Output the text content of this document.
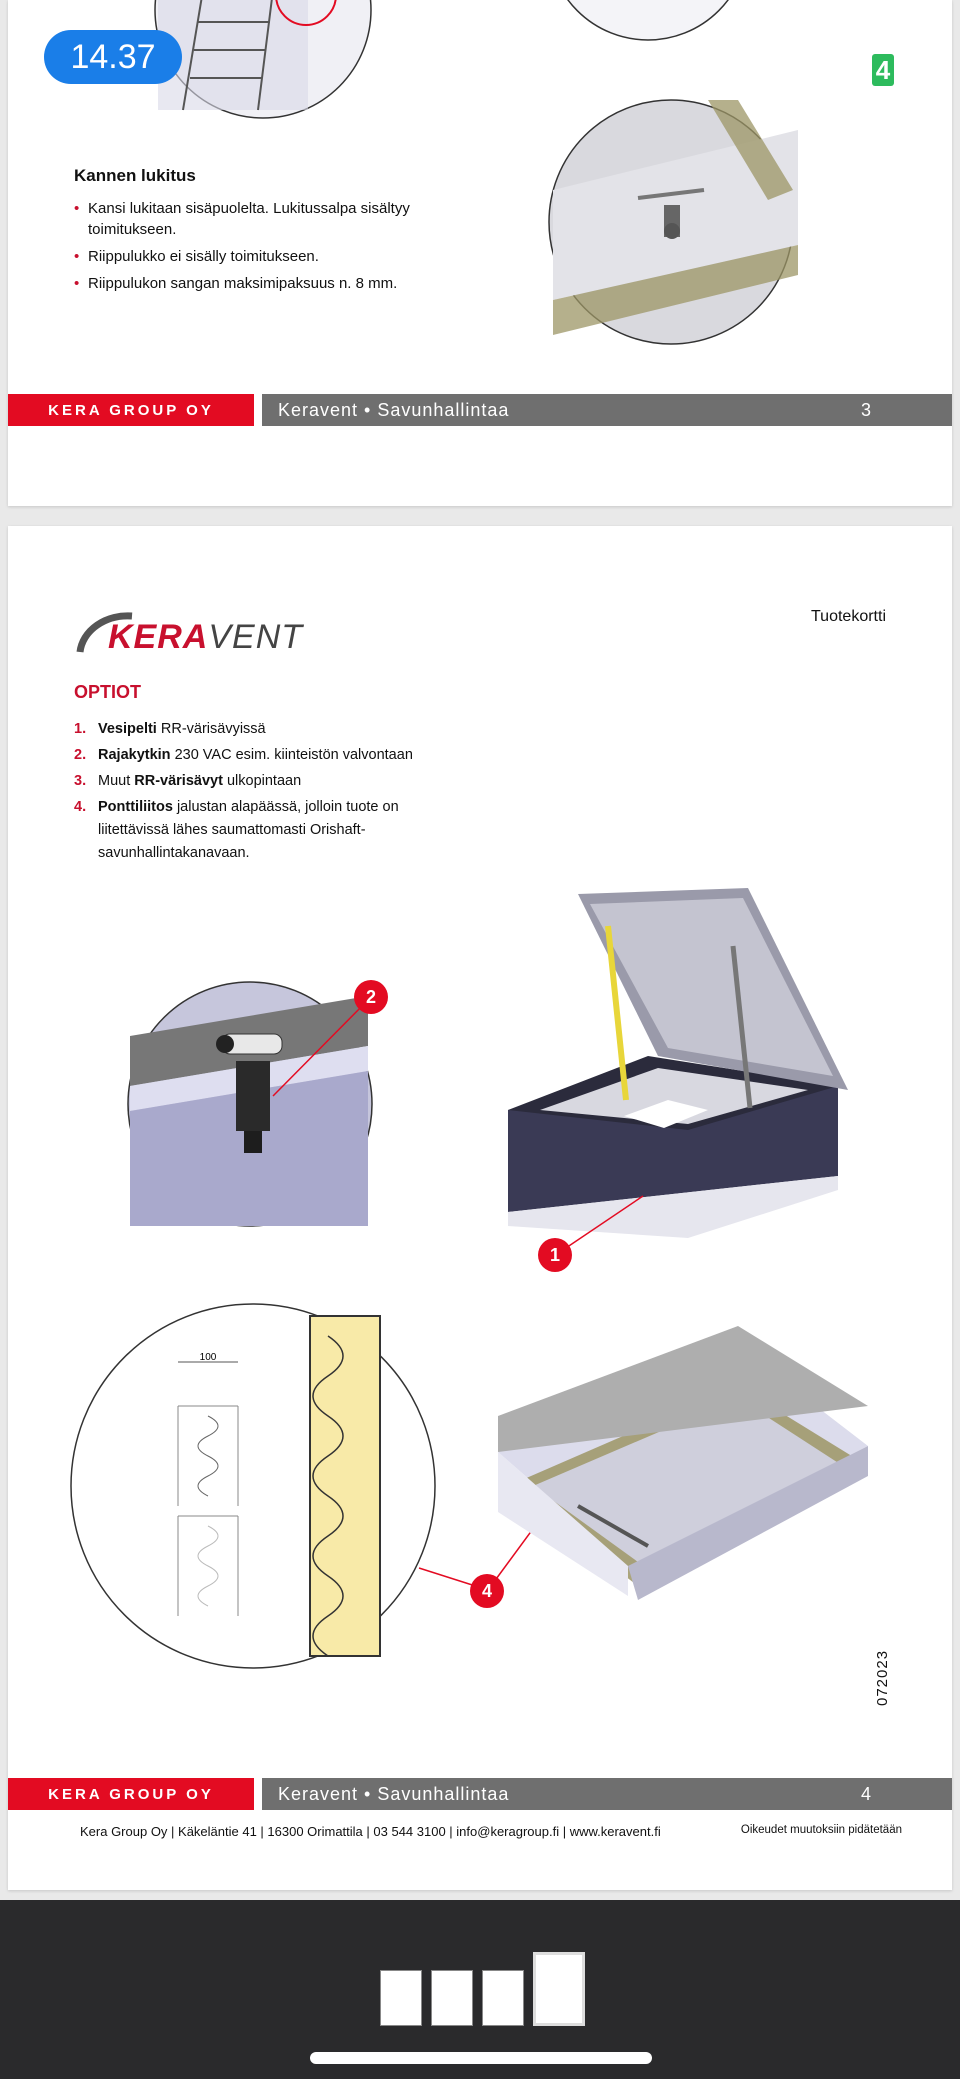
14.37	4
Kannen lukitus
• Kansi lukitaan sisäpuolelta. Lukitussalpa sisältyy toimitukseen.
• Riippulukko ei sisälly toimitukseen.
• Riippulukon sangan maksimipaksuus n. 8 mm.
KERA GROUP OY	Keravent • Savunhallintaa	3
KERAVENT
Tuotekortti
OPTIOT
1. Vesipelti RR-värisävyissä
2. Rajakytkin 230 VAC esim. kiinteistön valvontaan
3. Muut RR-värisävyt ulkopintaan
4. Ponttiliitos jalustan alapäässä, jolloin tuote on liitettävissä lähes saumattomasti Orishaft-savunhallintakanavaan.
100
2
1
4
072023
KERA GROUP OY	Keravent • Savunhallintaa	4
Kera Group Oy | Käkeläntie 41 | 16300 Orimattila | 03 544 3100 | info@keragroup.fi | www.keravent.fi	Oikeudet muutoksiin pidätetään
